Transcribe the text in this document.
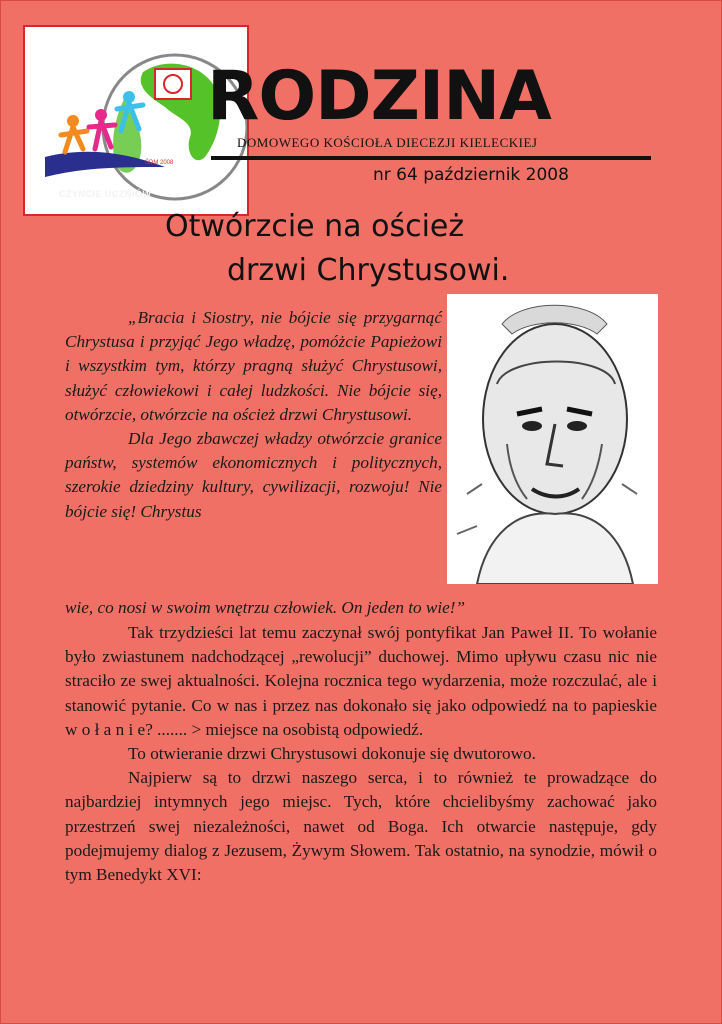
ŚDM 2008
CZYNCIE UCZNIÓW
RODZINA
DOMOWEGO KOŚCIOŁA DIECEZJI KIELECKIEJ
nr 64 październik 2008
Otwórzcie na oścież
drzwi Chrystusowi.

„Bracia i Siostry, nie bójcie się przygarnąć Chrystusa i przyjąć Jego władzę, pomóżcie Papieżowi i wszystkim tym, którzy pragną służyć Chrystusowi, służyć człowiekowi i całej ludzkości. Nie bójcie się, otwórzcie, otwórzcie na oścież drzwi Chrystusowi.

Dla Jego zbawczej władzy otwórzcie granice państw, systemów ekonomicznych i politycznych, szerokie dziedziny kultury, cywilizacji, rozwoju! Nie bójcie się! Chrystus

wie, co nosi w swoim wnętrzu człowiek. On jeden to wie!”

Tak trzydzieści lat temu zaczynał swój pontyfikat Jan Paweł II. To wołanie było zwiastunem nadchodzącej „rewolucji” duchowej. Mimo upływu czasu nic nie straciło ze swej aktualności. Kolejna rocznica tego wydarzenia, może rozczulać, ale i stanowić pytanie. Co w nas i przez nas dokonało się jako odpowiedź na to papieskie w o ł a n i e? ....... > miejsce na osobistą odpowiedź.

To otwieranie drzwi Chrystusowi dokonuje się dwutorowo.

Najpierw są to drzwi naszego serca, i to również te prowadzące do najbardziej intymnych jego miejsc. Tych, które chcielibyśmy zachować jako przestrzeń swej niezależności, nawet od Boga. Ich otwarcie następuje, gdy podejmujemy dialog z Jezusem, Żywym Słowem. Tak ostatnio, na synodzie, mówił o tym Benedykt XVI:
